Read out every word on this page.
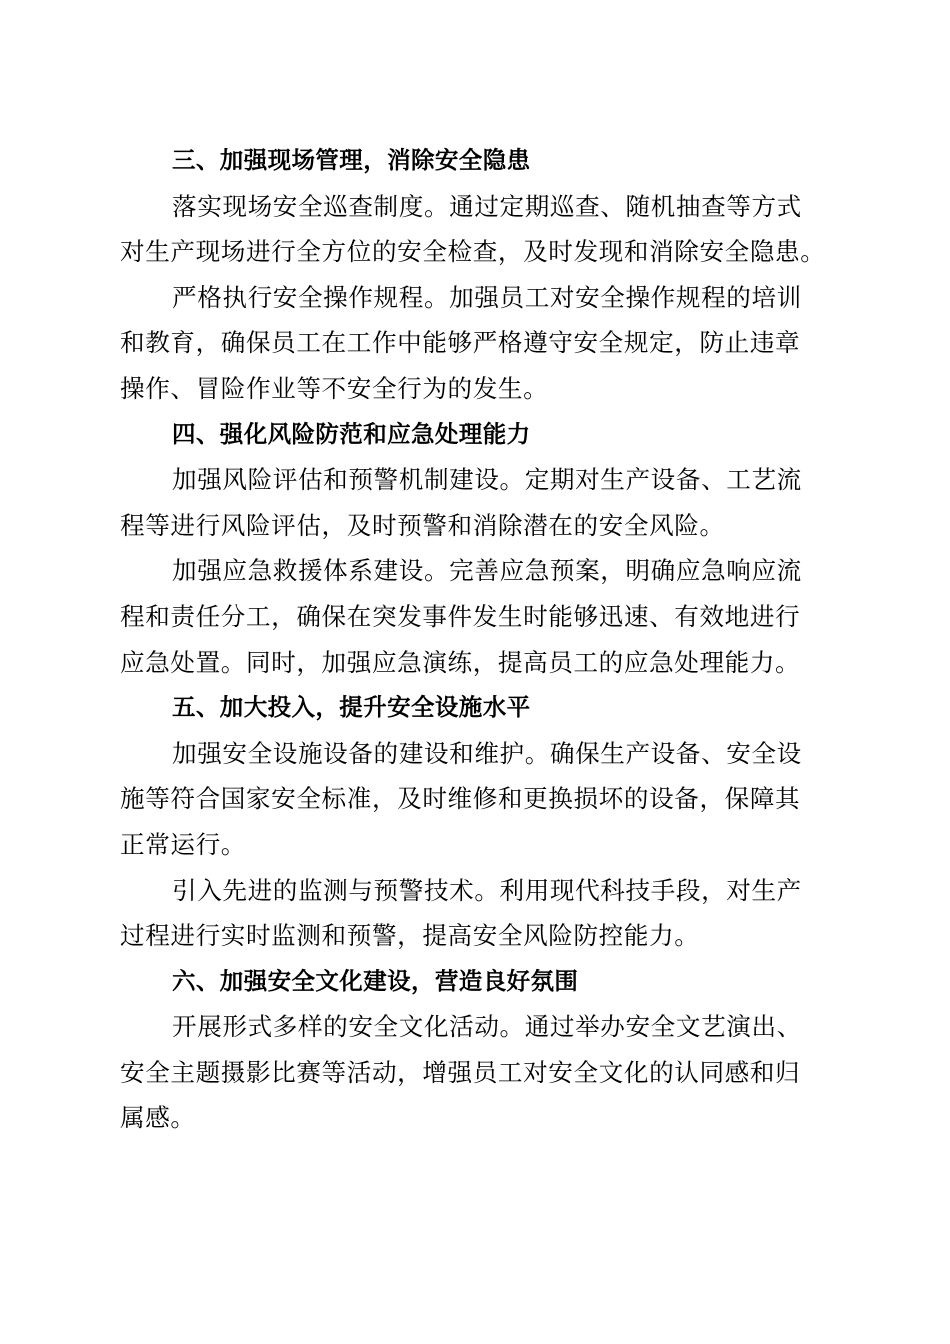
三、加强现场管理，消除安全隐患
落实现场安全巡查制度。通过定期巡查、随机抽查等方式
对生产现场进行全方位的安全检查，及时发现和消除安全隐患。
严格执行安全操作规程。加强员工对安全操作规程的培训
和教育，确保员工在工作中能够严格遵守安全规定，防止违章
操作、冒险作业等不安全行为的发生。
四、强化风险防范和应急处理能力
加强风险评估和预警机制建设。定期对生产设备、工艺流
程等进行风险评估，及时预警和消除潜在的安全风险。
加强应急救援体系建设。完善应急预案，明确应急响应流
程和责任分工，确保在突发事件发生时能够迅速、有效地进行
应急处置。同时，加强应急演练，提高员工的应急处理能力。
五、加大投入，提升安全设施水平
加强安全设施设备的建设和维护。确保生产设备、安全设
施等符合国家安全标准，及时维修和更换损坏的设备，保障其
正常运行。
引入先进的监测与预警技术。利用现代科技手段，对生产
过程进行实时监测和预警，提高安全风险防控能力。
六、加强安全文化建设，营造良好氛围
开展形式多样的安全文化活动。通过举办安全文艺演出、
安全主题摄影比赛等活动，增强员工对安全文化的认同感和归
属感。
